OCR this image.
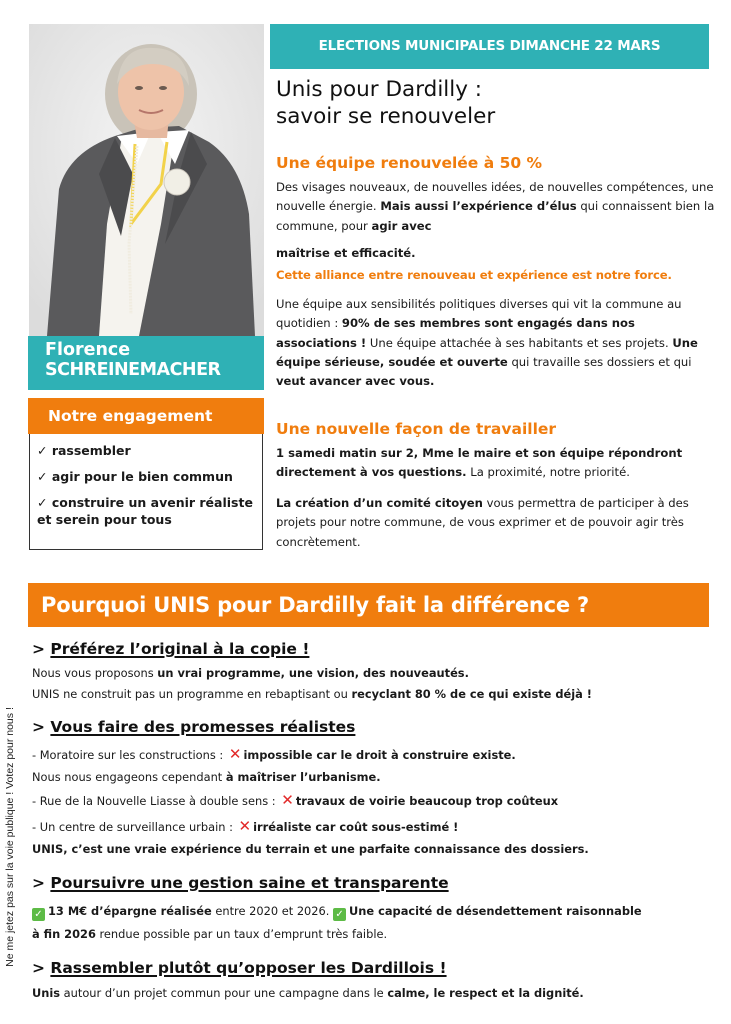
Ne me jetez pas sur la voie publique ! Votez pour nous !
Florence
SCHREINEMACHER
Notre engagement
✓ rassembler
✓ agir pour le bien commun
✓ construire un avenir réaliste et serein pour tous
ELECTIONS MUNICIPALES DIMANCHE 22 MARS
Unis pour Dardilly :
savoir se renouveler
Une équipe renouvelée à 50 %
Des visages nouveaux, de nouvelles idées, de nouvelles compétences, une nouvelle énergie. Mais aussi l’expérience d’élus qui connaissent bien la commune, pour agir avec
maîtrise et efficacité.
Cette alliance entre renouveau et expérience est notre force.
Une équipe aux sensibilités politiques diverses qui vit la commune au quotidien : 90% de ses membres sont engagés dans nos associations ! Une équipe attachée à ses habitants et ses projets. Une équipe sérieuse, soudée et ouverte qui travaille ses dossiers et qui veut avancer avec vous.
Une nouvelle façon de travailler
1 samedi matin sur 2, Mme le maire et son équipe répondront directement à vos questions. La proximité, notre priorité.
La création d’un comité citoyen vous permettra de participer à des projets pour notre commune, de vous exprimer et de pouvoir agir très concrètement.
Pourquoi UNIS pour Dardilly fait la différence ?
> Préférez l’original à la copie !
Nous vous proposons un vrai programme, une vision, des nouveautés.
UNIS ne construit pas un programme en rebaptisant ou recyclant 80 % de ce qui existe déjà !
> Vous faire des promesses réalistes
- Moratoire sur les constructions : ✕ impossible car le droit à construire existe.
Nous nous engageons cependant à maîtriser l’urbanisme.
- Rue de la Nouvelle Liasse à double sens : ✕ travaux de voirie beaucoup trop coûteux
- Un centre de surveillance urbain : ✕ irréaliste car coût sous-estimé !
UNIS, c’est une vraie expérience du terrain et une parfaite connaissance des dossiers.
> Poursuivre une gestion saine et transparente
✓ 13 M€ d’épargne réalisée entre 2020 et 2026. ✓ Une capacité de désendettement raisonnable
à fin 2026 rendue possible par un taux d’emprunt très faible.
> Rassembler plutôt qu’opposer les Dardillois !
Unis autour d’un projet commun pour une campagne dans le calme, le respect et la dignité.
